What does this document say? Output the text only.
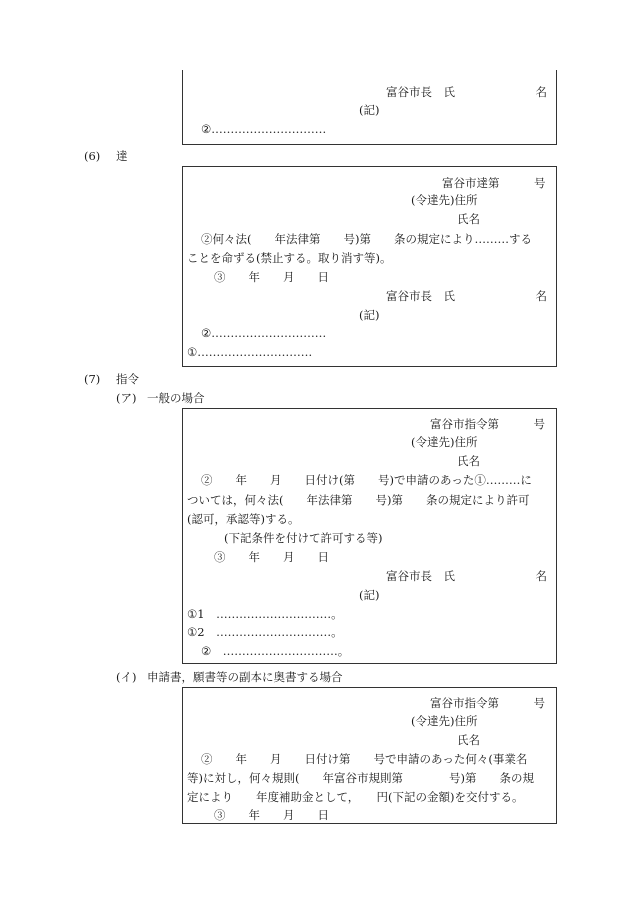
富谷市長　氏　　　　　　　名
(記)
②…………………………
(6) 達
富谷市達第　　　号
(令達先)住所
氏名
②何々法(　　年法律第　　号)第　　条の規定により………する
ことを命ずる(禁止する。取り消す等)。
③　　年　　月　　日
富谷市長　氏　　　　　　　名
(記)
②…………………………
①…………………………
(7) 指令
(ア) 一般の場合
富谷市指令第　　　号
(令達先)住所
氏名
②　　年　　月　　日付け(第　　号)で申請のあった①………に
ついては，何々法(　　年法律第　　号)第　　条の規定により許可
(認可，承認等)する。
(下記条件を付けて許可する等)
③　　年　　月　　日
富谷市長　氏　　　　　　　名
(記)
①1　…………………………。
①2　…………………………。
②　…………………………。
(イ) 申請書，願書等の副本に奥書する場合
富谷市指令第　　　号
(令達先)住所
氏名
②　　年　　月　　日付け第　　号で申請のあった何々(事業名
等)に対し，何々規則(　　年富谷市規則第　　　　号)第　　条の規
定により　　年度補助金として，　　円(下記の金額)を交付する。
③　　年　　月　　日
